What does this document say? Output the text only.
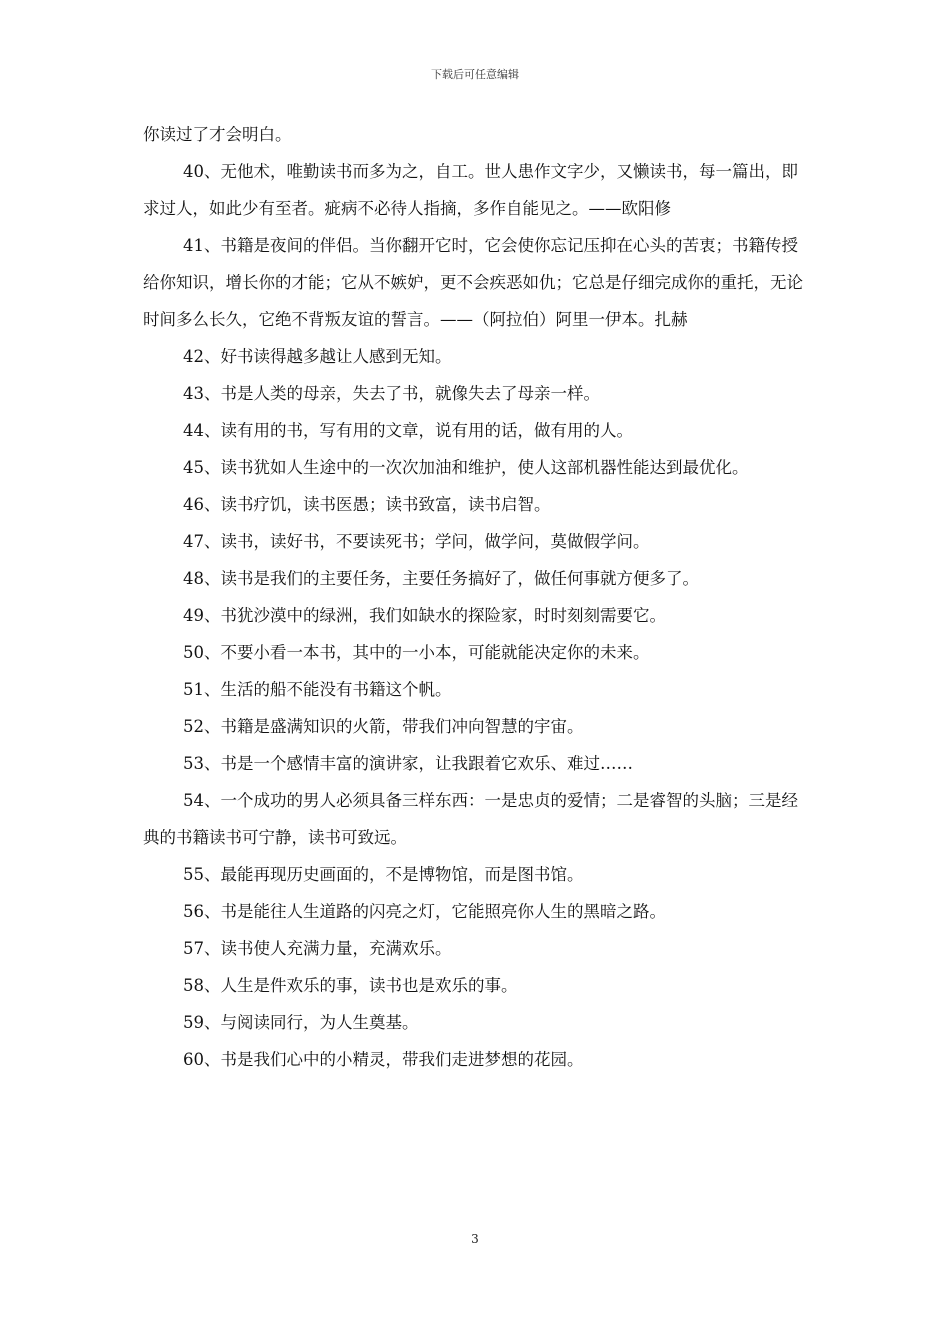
下载后可任意编辑

你读过了才会明白。

40、无他术，唯勤读书而多为之，自工。世人患作文字少，又懒读书，每一篇出，即求过人，如此少有至者。疵病不必待人指摘，多作自能见之。——欧阳修

41、书籍是夜间的伴侣。当你翻开它时，它会使你忘记压抑在心头的苦衷；书籍传授给你知识，增长你的才能；它从不嫉妒，更不会疾恶如仇；它总是仔细完成你的重托，无论时间多么长久，它绝不背叛友谊的誓言。——（阿拉伯）阿里一伊本。扎赫

42、好书读得越多越让人感到无知。

43、书是人类的母亲，失去了书，就像失去了母亲一样。

44、读有用的书，写有用的文章，说有用的话，做有用的人。

45、读书犹如人生途中的一次次加油和维护，使人这部机器性能达到最优化。

46、读书疗饥，读书医愚；读书致富，读书启智。

47、读书，读好书，不要读死书；学问，做学问，莫做假学问。

48、读书是我们的主要任务，主要任务搞好了，做任何事就方便多了。

49、书犹沙漠中的绿洲，我们如缺水的探险家，时时刻刻需要它。

50、不要小看一本书，其中的一小本，可能就能决定你的未来。

51、生活的船不能没有书籍这个帆。

52、书籍是盛满知识的火箭，带我们冲向智慧的宇宙。

53、书是一个感情丰富的演讲家，让我跟着它欢乐、难过……

54、一个成功的男人必须具备三样东西：一是忠贞的爱情；二是睿智的头脑；三是经典的书籍读书可宁静，读书可致远。

55、最能再现历史画面的，不是博物馆，而是图书馆。

56、书是能往人生道路的闪亮之灯，它能照亮你人生的黑暗之路。

57、读书使人充满力量，充满欢乐。

58、人生是件欢乐的事，读书也是欢乐的事。

59、与阅读同行，为人生奠基。

60、书是我们心中的小精灵，带我们走进梦想的花园。

3
